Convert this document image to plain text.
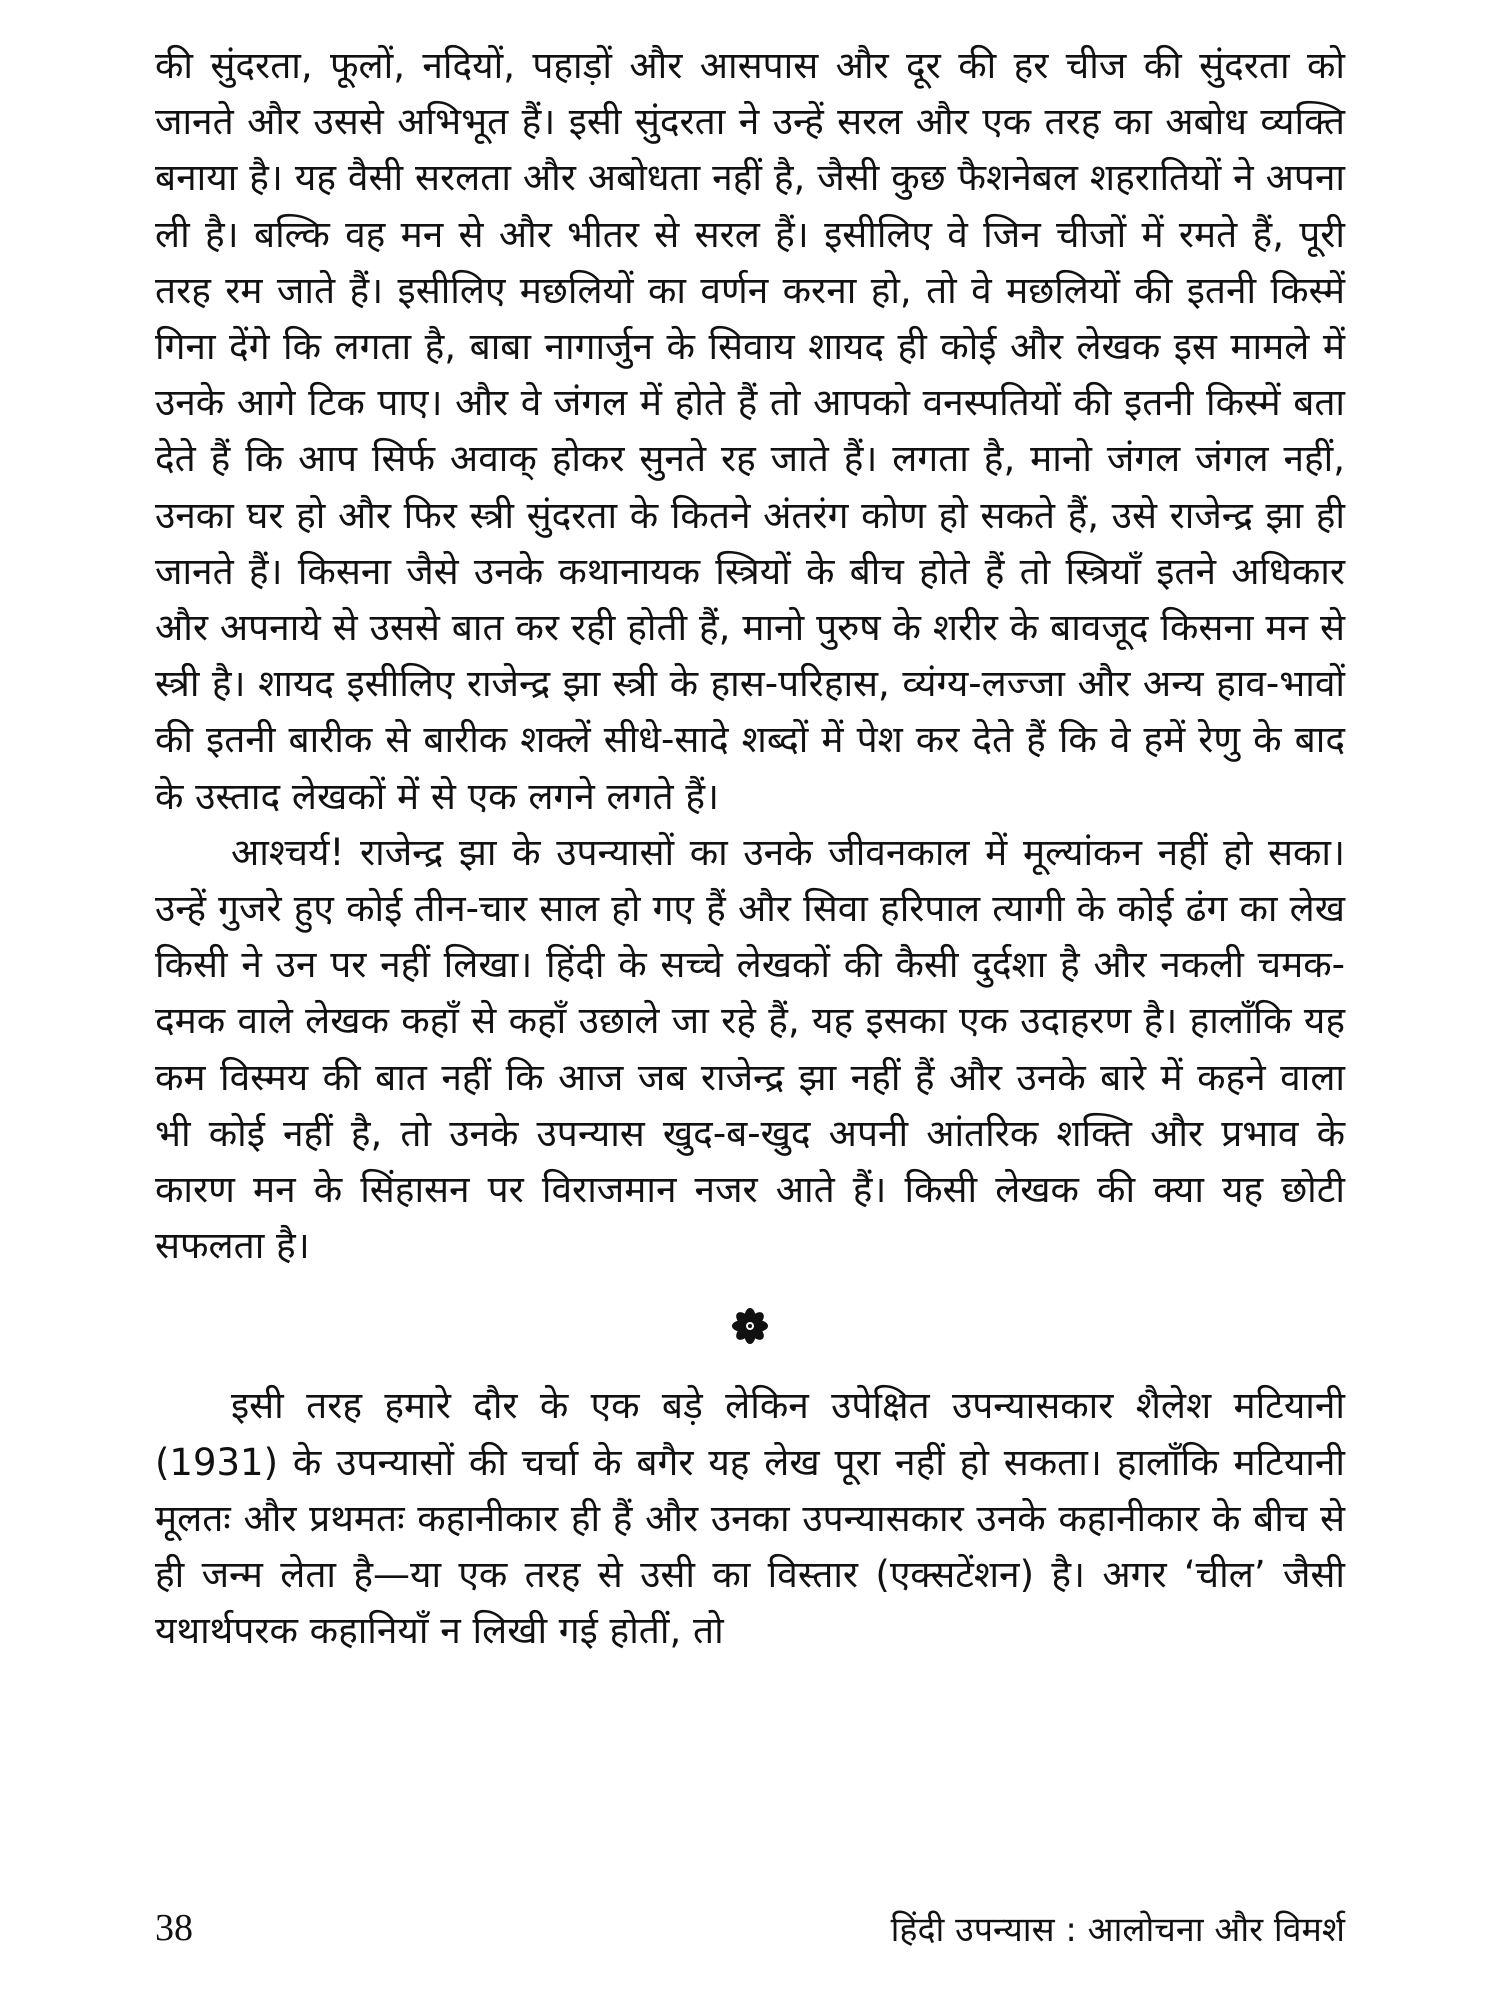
की सुंदरता, फूलों, नदियों, पहाड़ों और आसपास और दूर की हर चीज की सुंदरता को जानते और उससे अभिभूत हैं। इसी सुंदरता ने उन्हें सरल और एक तरह का अबोध व्यक्ति बनाया है। यह वैसी सरलता और अबोधता नहीं है, जैसी कुछ फैशनेबल शहरातियों ने अपना ली है। बल्कि वह मन से और भीतर से सरल हैं। इसीलिए वे जिन चीजों में रमते हैं, पूरी तरह रम जाते हैं। इसीलिए मछलियों का वर्णन करना हो, तो वे मछलियों की इतनी किस्में गिना देंगे कि लगता है, बाबा नागार्जुन के सिवाय शायद ही कोई और लेखक इस मामले में उनके आगे टिक पाए। और वे जंगल में होते हैं तो आपको वनस्पतियों की इतनी किस्में बता देते हैं कि आप सिर्फ अवाक् होकर सुनते रह जाते हैं। लगता है, मानो जंगल जंगल नहीं, उनका घर हो और फिर स्त्री सुंदरता के कितने अंतरंग कोण हो सकते हैं, उसे राजेन्द्र झा ही जानते हैं। किसना जैसे उनके कथानायक स्त्रियों के बीच होते हैं तो स्त्रियाँ इतने अधिकार और अपनाये से उससे बात कर रही होती हैं, मानो पुरुष के शरीर के बावजूद किसना मन से स्त्री है। शायद इसीलिए राजेन्द्र झा स्त्री के हास-परिहास, व्यंग्य-लज्जा और अन्य हाव-भावों की इतनी बारीक से बारीक शक्लें सीधे-सादे शब्दों में पेश कर देते हैं कि वे हमें रेणु के बाद के उस्ताद लेखकों में से एक लगने लगते हैं।

आश्चर्य! राजेन्द्र झा के उपन्यासों का उनके जीवनकाल में मूल्यांकन नहीं हो सका। उन्हें गुजरे हुए कोई तीन-चार साल हो गए हैं और सिवा हरिपाल त्यागी के कोई ढंग का लेख किसी ने उन पर नहीं लिखा। हिंदी के सच्चे लेखकों की कैसी दुर्दशा है और नकली चमक-दमक वाले लेखक कहाँ से कहाँ उछाले जा रहे हैं, यह इसका एक उदाहरण है। हालाँकि यह कम विस्मय की बात नहीं कि आज जब राजेन्द्र झा नहीं हैं और उनके बारे में कहने वाला भी कोई नहीं है, तो उनके उपन्यास खुद-ब-खुद अपनी आंतरिक शक्ति और प्रभाव के कारण मन के सिंहासन पर विराजमान नजर आते हैं। किसी लेखक की क्या यह छोटी सफलता है।

इसी तरह हमारे दौर के एक बड़े लेकिन उपेक्षित उपन्यासकार शैलेश मटियानी (1931) के उपन्यासों की चर्चा के बगैर यह लेख पूरा नहीं हो सकता। हालाँकि मटियानी मूलतः और प्रथमतः कहानीकार ही हैं और उनका उपन्यासकार उनके कहानीकार के बीच से ही जन्म लेता है—या एक तरह से उसी का विस्तार (एक्सटेंशन) है। अगर ‘चील’ जैसी यथार्थपरक कहानियाँ न लिखी गई होतीं, तो

38	हिंदी उपन्यास : आलोचना और विमर्श
